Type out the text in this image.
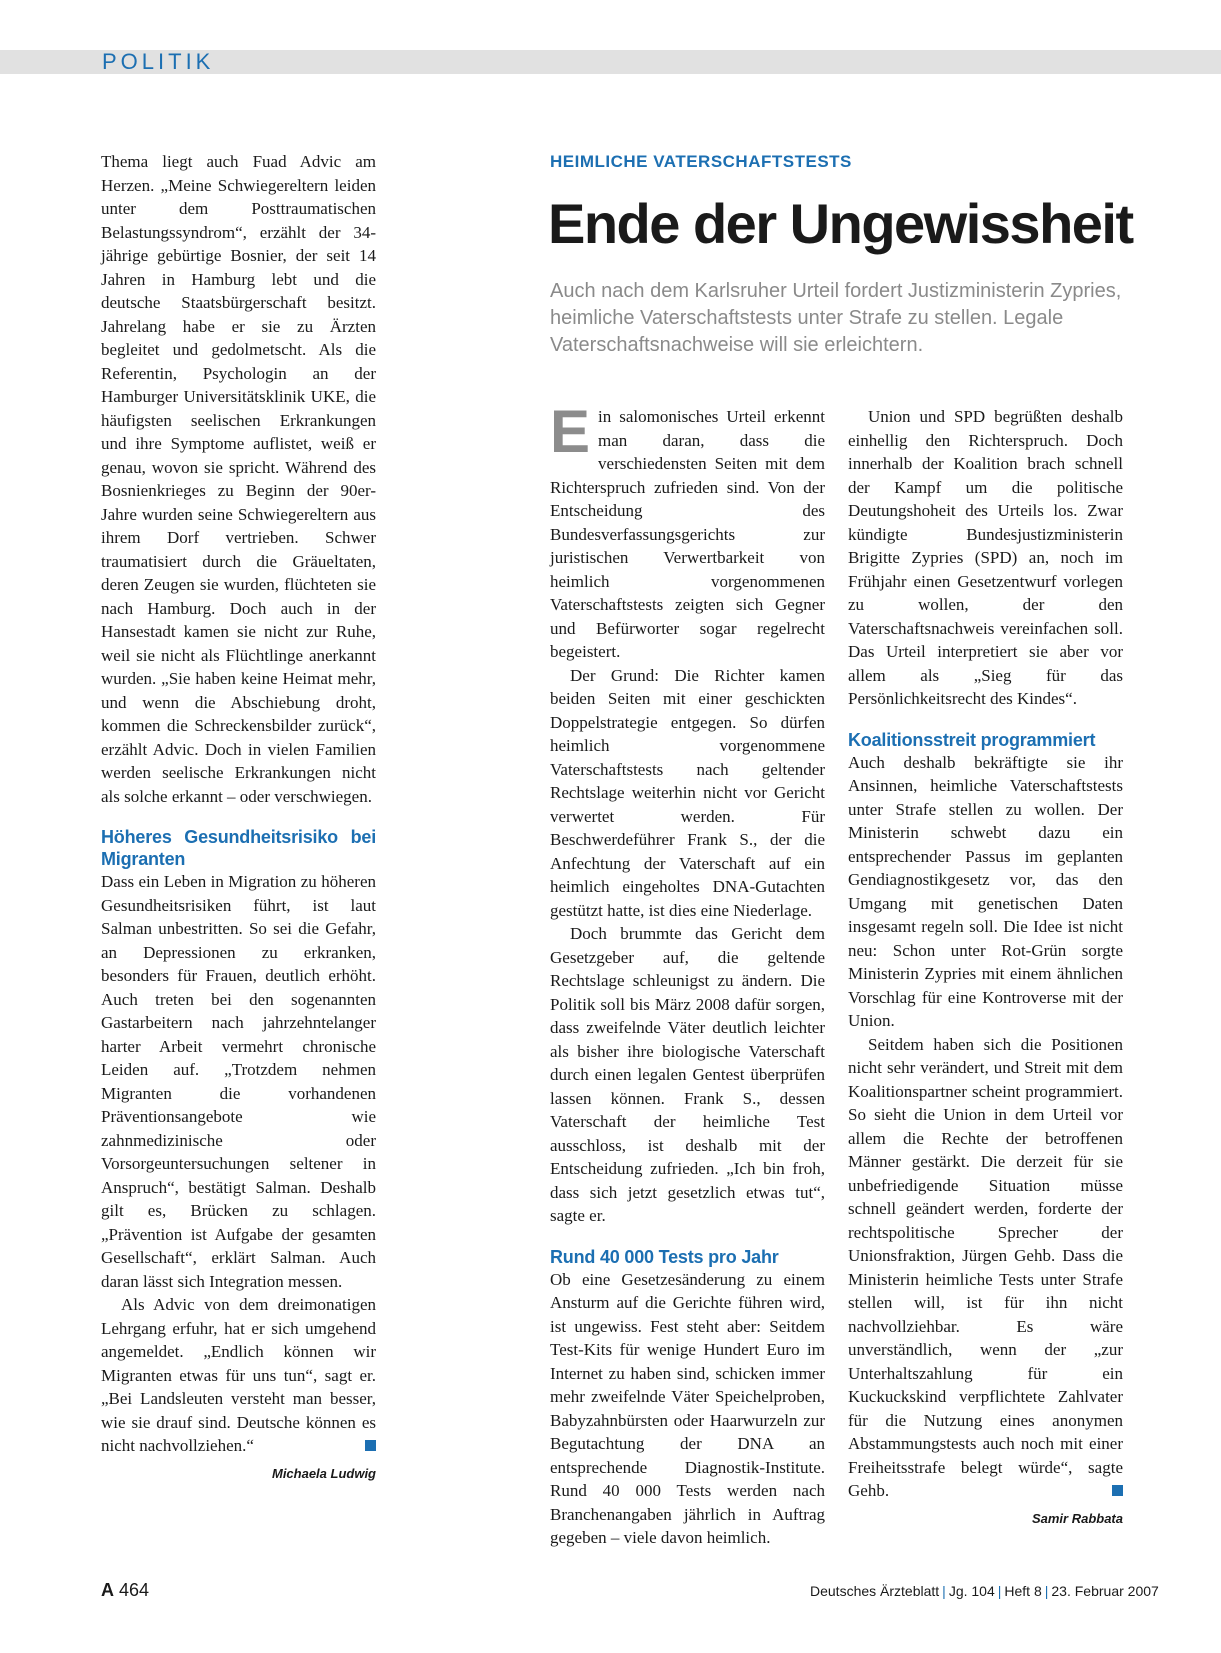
POLITIK

Thema liegt auch Fuad Advic am Herzen. „Meine Schwiegereltern leiden unter dem Posttraumatischen Belastungssyndrom“, erzählt der 34-jährige gebürtige Bosnier, der seit 14 Jahren in Hamburg lebt und die deutsche Staatsbürgerschaft besitzt. Jahrelang habe er sie zu Ärzten begleitet und gedolmetscht. Als die Referentin, Psychologin an der Hamburger Universitätsklinik UKE, die häufigsten seelischen Erkrankungen und ihre Symptome auflistet, weiß er genau, wovon sie spricht. Während des Bosnienkrieges zu Beginn der 90er-Jahre wurden seine Schwiegereltern aus ihrem Dorf vertrieben. Schwer traumatisiert durch die Gräueltaten, deren Zeugen sie wurden, flüchteten sie nach Hamburg. Doch auch in der Hansestadt kamen sie nicht zur Ruhe, weil sie nicht als Flüchtlinge anerkannt wurden. „Sie haben keine Heimat mehr, und wenn die Abschiebung droht, kommen die Schreckensbilder zurück“, erzählt Advic. Doch in vielen Familien werden seelische Erkrankungen nicht als solche erkannt – oder verschwiegen.

Höheres Gesundheitsrisiko bei Migranten

Dass ein Leben in Migration zu höheren Gesundheitsrisiken führt, ist laut Salman unbestritten. So sei die Gefahr, an Depressionen zu erkranken, besonders für Frauen, deutlich erhöht. Auch treten bei den sogenannten Gastarbeitern nach jahrzehntelanger harter Arbeit vermehrt chronische Leiden auf. „Trotzdem nehmen Migranten die vorhandenen Präventionsangebote wie zahnmedizinische oder Vorsorgeuntersuchungen seltener in Anspruch“, bestätigt Salman. Deshalb gilt es, Brücken zu schlagen. „Prävention ist Aufgabe der gesamten Gesellschaft“, erklärt Salman. Auch daran lässt sich Integration messen.

Als Advic von dem dreimonatigen Lehrgang erfuhr, hat er sich umgehend angemeldet. „Endlich können wir Migranten etwas für uns tun“, sagt er. „Bei Landsleuten versteht man besser, wie sie drauf sind. Deutsche können es nicht nachvollziehen.“

Michaela Ludwig
HEIMLICHE VATERSCHAFTSTESTS
Ende der Ungewissheit
Auch nach dem Karlsruher Urteil fordert Justizministerin Zypries, heimliche Vaterschaftstests unter Strafe zu stellen. Legale Vaterschaftsnachweise will sie erleichtern.

Ein salomonisches Urteil erkennt man daran, dass die verschiedensten Seiten mit dem Richterspruch zufrieden sind. Von der Entscheidung des Bundesverfassungsgerichts zur juristischen Verwertbarkeit von heimlich vorgenommenen Vaterschaftstests zeigten sich Gegner und Befürworter sogar regelrecht begeistert.

Der Grund: Die Richter kamen beiden Seiten mit einer geschickten Doppelstrategie entgegen. So dürfen heimlich vorgenommene Vaterschaftstests nach geltender Rechtslage weiterhin nicht vor Gericht verwertet werden. Für Beschwerdeführer Frank S., der die Anfechtung der Vaterschaft auf ein heimlich eingeholtes DNA-Gutachten gestützt hatte, ist dies eine Niederlage.

Doch brummte das Gericht dem Gesetzgeber auf, die geltende Rechtslage schleunigst zu ändern. Die Politik soll bis März 2008 dafür sorgen, dass zweifelnde Väter deutlich leichter als bisher ihre biologische Vaterschaft durch einen legalen Gentest überprüfen lassen können. Frank S., dessen Vaterschaft der heimliche Test ausschloss, ist deshalb mit der Entscheidung zufrieden. „Ich bin froh, dass sich jetzt gesetzlich etwas tut“, sagte er.

Rund 40 000 Tests pro Jahr

Ob eine Gesetzesänderung zu einem Ansturm auf die Gerichte führen wird, ist ungewiss. Fest steht aber: Seitdem Test-Kits für wenige Hundert Euro im Internet zu haben sind, schicken immer mehr zweifelnde Väter Speichelproben, Babyzahnbürsten oder Haarwurzeln zur Begutachtung der DNA an entsprechende Diagnostik-Institute. Rund 40 000 Tests werden nach Branchenangaben jährlich in Auftrag gegeben – viele davon heimlich.

Union und SPD begrüßten deshalb einhellig den Richterspruch. Doch innerhalb der Koalition brach schnell der Kampf um die politische Deutungshoheit des Urteils los. Zwar kündigte Bundesjustizministerin Brigitte Zypries (SPD) an, noch im Frühjahr einen Gesetzentwurf vorlegen zu wollen, der den Vaterschaftsnachweis vereinfachen soll. Das Urteil interpretiert sie aber vor allem als „Sieg für das Persönlichkeitsrecht des Kindes“.

Koalitionsstreit programmiert

Auch deshalb bekräftigte sie ihr Ansinnen, heimliche Vaterschaftstests unter Strafe stellen zu wollen. Der Ministerin schwebt dazu ein entsprechender Passus im geplanten Gendiagnostikgesetz vor, das den Umgang mit genetischen Daten insgesamt regeln soll. Die Idee ist nicht neu: Schon unter Rot-Grün sorgte Ministerin Zypries mit einem ähnlichen Vorschlag für eine Kontroverse mit der Union.

Seitdem haben sich die Positionen nicht sehr verändert, und Streit mit dem Koalitionspartner scheint programmiert. So sieht die Union in dem Urteil vor allem die Rechte der betroffenen Männer gestärkt. Die derzeit für sie unbefriedigende Situation müsse schnell geändert werden, forderte der rechtspolitische Sprecher der Unionsfraktion, Jürgen Gehb. Dass die Ministerin heimliche Tests unter Strafe stellen will, ist für ihn nicht nachvollziehbar. Es wäre unverständlich, wenn der „zur Unterhaltszahlung für ein Kuckuckskind verpflichtete Zahlvater für die Nutzung eines anonymen Abstammungstests auch noch mit einer Freiheitsstrafe belegt würde“, sagte Gehb.

Samir Rabbata
A 464	Deutsches Ärzteblatt | Jg. 104 | Heft 8 | 23. Februar 2007
